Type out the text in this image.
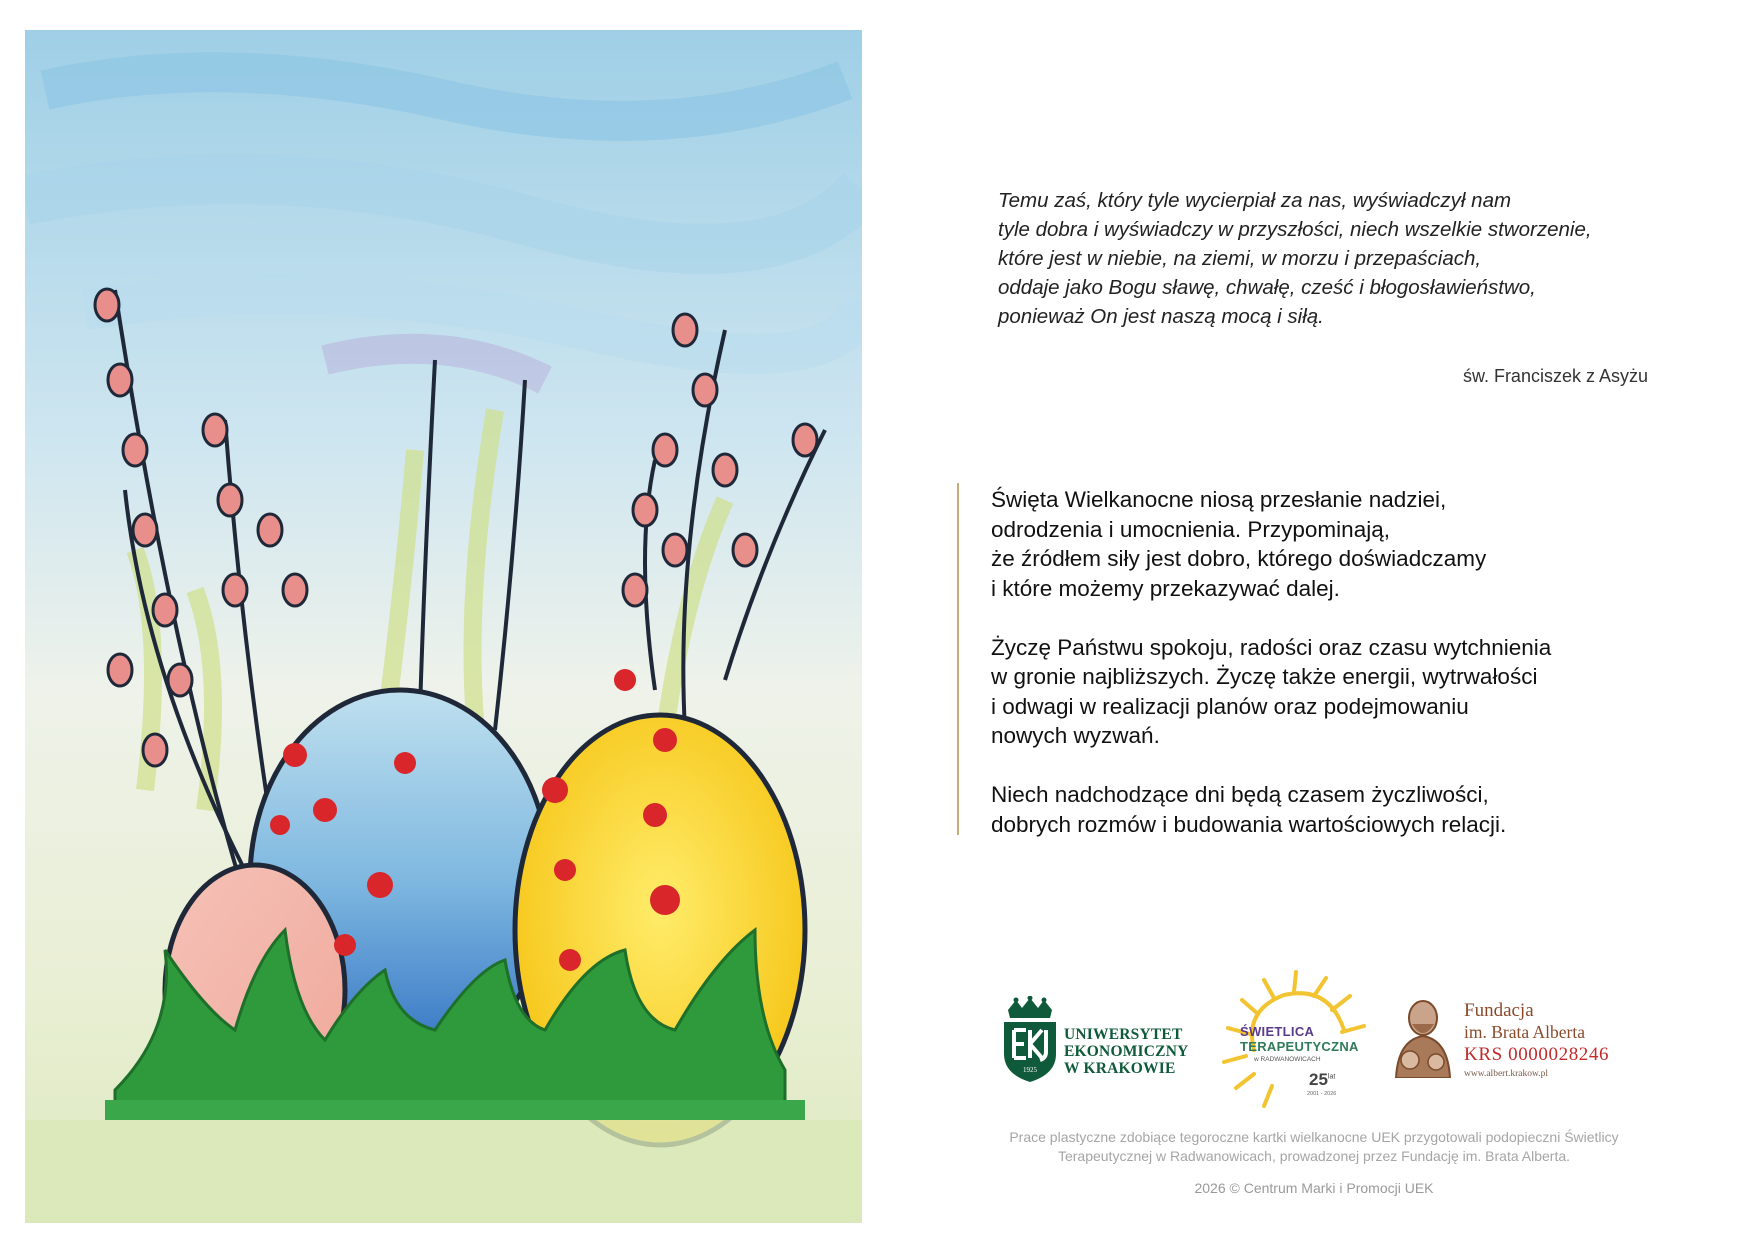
Temu zaś, który tyle wycierpiał za nas, wyświadczył nam
tyle dobra i wyświadczy w przyszłości, niech wszelkie stworzenie,
które jest w niebie, na ziemi, w morzu i przepaściach,
oddaje jako Bogu sławę, chwałę, cześć i błogosławieństwo,
ponieważ On jest naszą mocą i siłą.
św. Franciszek z Asyżu
Święta Wielkanocne niosą przesłanie nadziei,
odrodzenia i umocnienia. Przypominają,
że źródłem siły jest dobro, którego doświadczamy
i które możemy przekazywać dalej.
Życzę Państwu spokoju, radości oraz czasu wytchnienia
w gronie najbliższych. Życzę także energii, wytrwałości
i odwagi w realizacji planów oraz podejmowaniu
nowych wyzwań.
Niech nadchodzące dni będą czasem życzliwości,
dobrych rozmów i budowania wartościowych relacji.
1925
UNIWERSYTET
EKONOMICZNY
W KRAKOWIE
ŚWIETLICA
TERAPEUTYCZNA
w RADWANOWICACH
$25^{lat}$
2001 - 2026
Fundacja
im. Brata Alberta
KRS 0000028246
www.albert.krakow.pl
Prace plastyczne zdobiące tegoroczne kartki wielkanocne UEK przygotowali podopieczni Świetlicy
Terapeutycznej w Radwanowicach, prowadzonej przez Fundację im. Brata Alberta.
2026 © Centrum Marki i Promocji UEK
